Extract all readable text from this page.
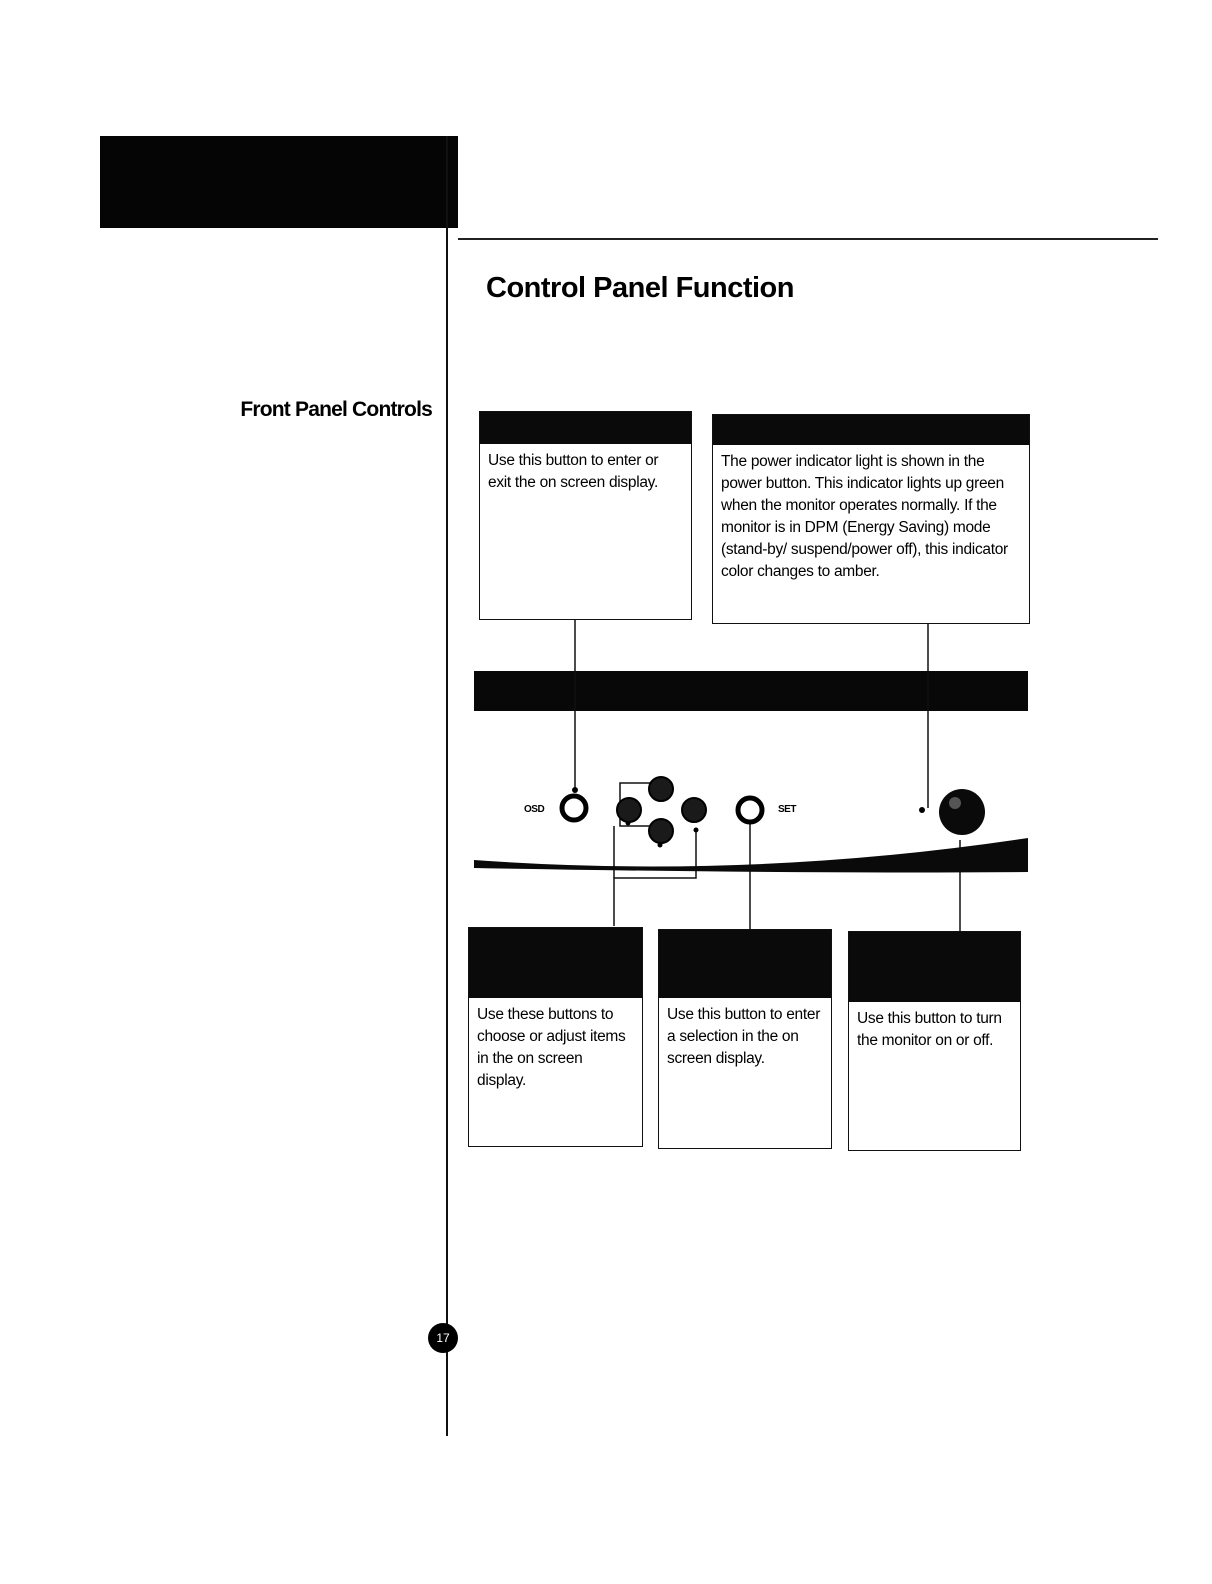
Control Panel Function
Front Panel Controls
Use this button to enter or exit the on screen display.
The power indicator light is shown in the power button. This indicator lights up green when the monitor operates normally. If the monitor is in DPM (Energy Saving) mode (stand-by/ suspend/power off), this indicator color changes to amber.
OSD	SET
Use these buttons to choose or adjust items in the on screen display.
Use this button to enter a selection in the on screen display.
Use this button to turn the monitor on or off.
17
